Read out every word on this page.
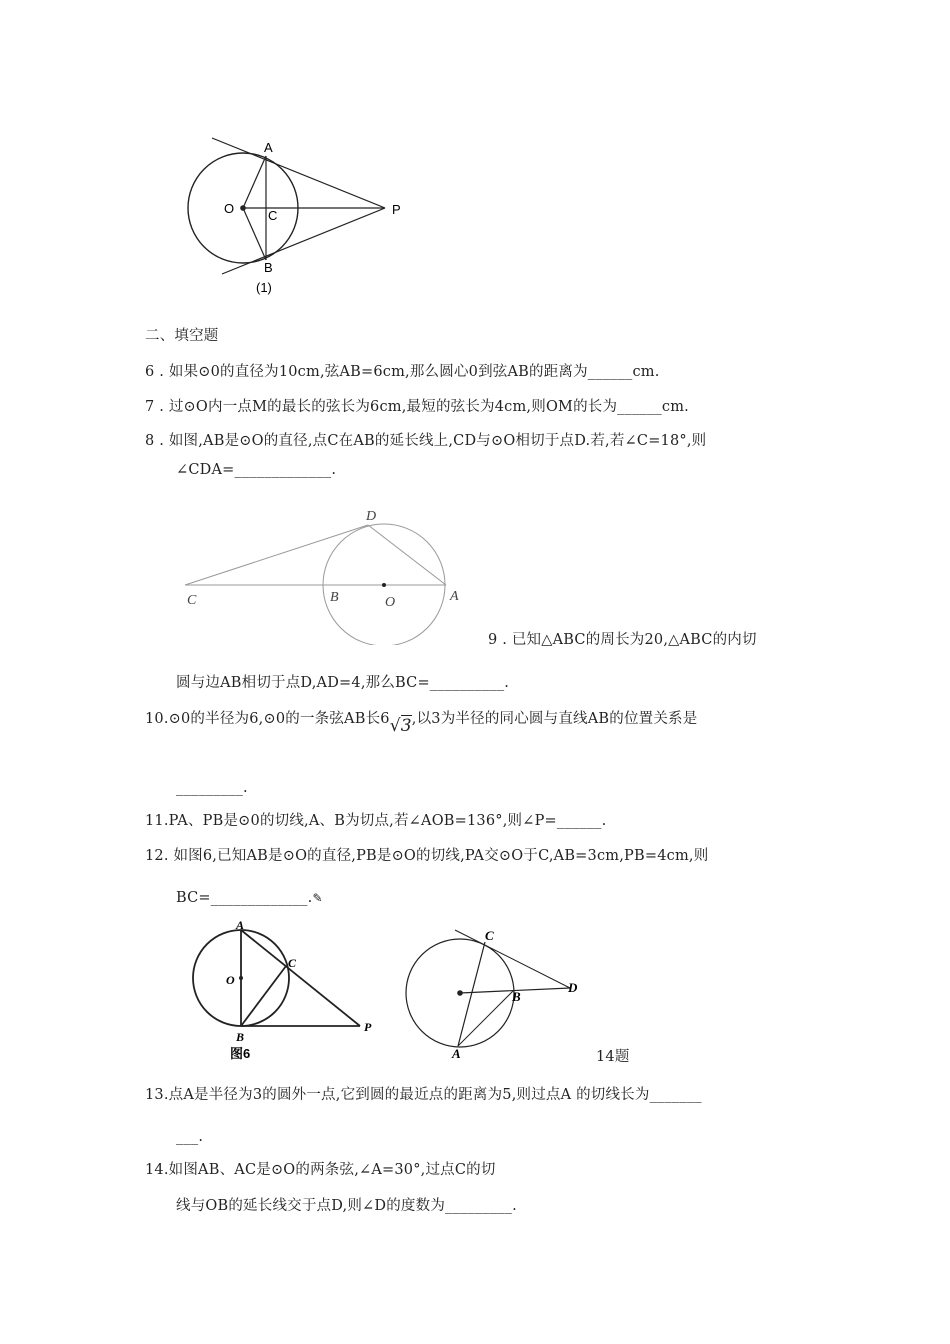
A
O	C	P
B
(1)
二、填空题
6 . 如果⊙0的直径为10cm,弦AB=6cm,那么圆心0到弦AB的距离为______cm.
7 . 过⊙O内一点M的最长的弦长为6cm,最短的弦长为4cm,则OM的长为______cm.
8 . 如图,AB是⊙O的直径,点C在AB的延长线上,CD与⊙O相切于点D.若,若∠C=18°,则
∠CDA=_____________.
D
C	B	O	A
9 . 已知△ABC的周长为20,△ABC的内切
圆与边AB相切于点D,AD=4,那么BC=__________.
10.⊙0的半径为6,⊙0的一条弦AB长6√3,以3为半径的同心圆与直线AB的位置关系是
_________.
11.PA、PB是⊙0的切线,A、B为切点,若∠AOB=136°,则∠P=______.
12. 如图6,已知AB是⊙O的直径,PB是⊙O的切线,PA交⊙O于C,AB=3cm,PB=4cm,则
BC=_____________.✎
A
O
C
B
P
图6
C
B
D
A	14题
13.点A是半径为3的圆外一点,它到圆的最近点的距离为5,则过点A 的切线长为_______
___.
14.如图AB、AC是⊙O的两条弦,∠A=30°,过点C的切
线与OB的延长线交于点D,则∠D的度数为_________.
